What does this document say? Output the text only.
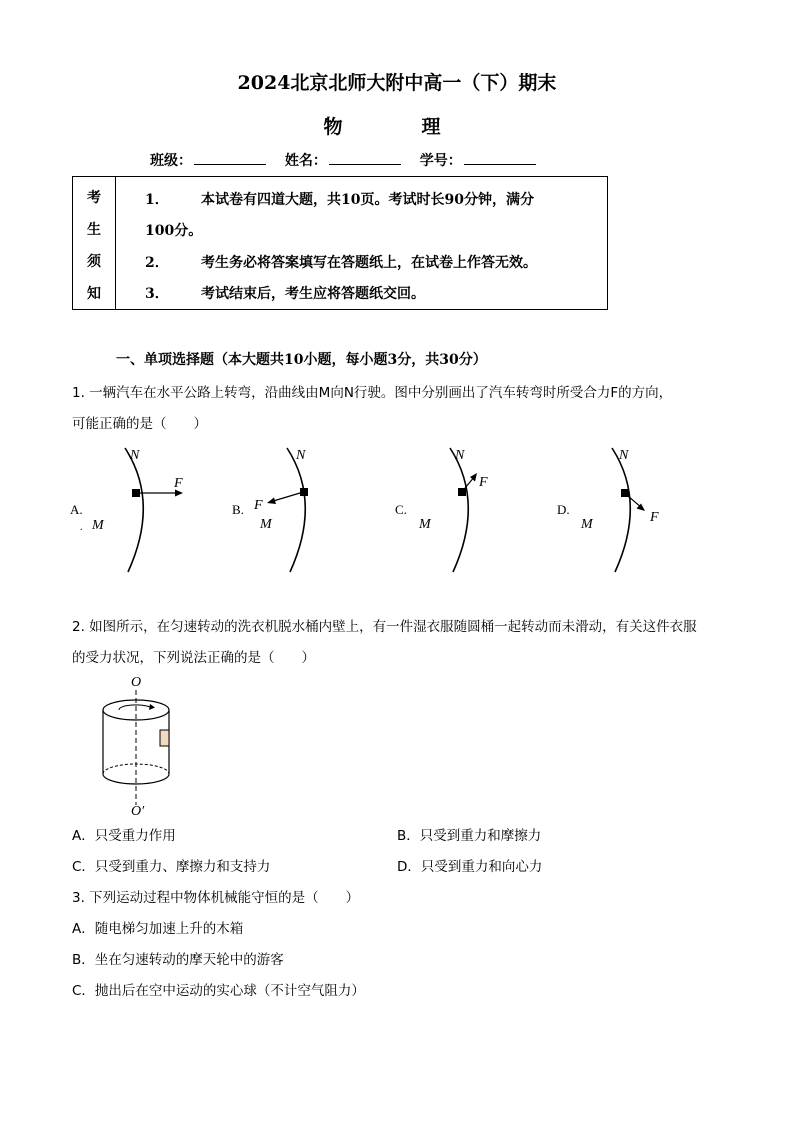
2024北京北师大附中高一（下）期末
物　理
班级：	姓名：	学号：
考
生
须
知
1． 本试卷有四道大题，共10页。考试时长90分钟，满分
100分。
2． 考生务必将答案填写在答题纸上，在试卷上作答无效。
3． 考试结束后，考生应将答题纸交回。
一、单项选择题（本大题共10小题，每小题3分，共30分）
1. 一辆汽车在水平公路上转弯，沿曲线由M向N行驶。图中分别画出了汽车转弯时所受合力F的方向，
可能正确的是（　　）
N
M
F
A.
.
N
M
F
B.
N
M
F
C.
N
M	F
D.
2. 如图所示，在匀速转动的洗衣机脱水桶内壁上，有一件湿衣服随圆桶一起转动而未滑动，有关这件衣服
的受力状况，下列说法正确的是（　　）
O
O′
A．只受重力作用	B．只受到重力和摩擦力
C．只受到重力、摩擦力和支持力	D．只受到重力和向心力
3. 下列运动过程中物体机械能守恒的是（　　）
A．随电梯匀加速上升的木箱
B．坐在匀速转动的摩天轮中的游客
C．抛出后在空中运动的实心球（不计空气阻力）
